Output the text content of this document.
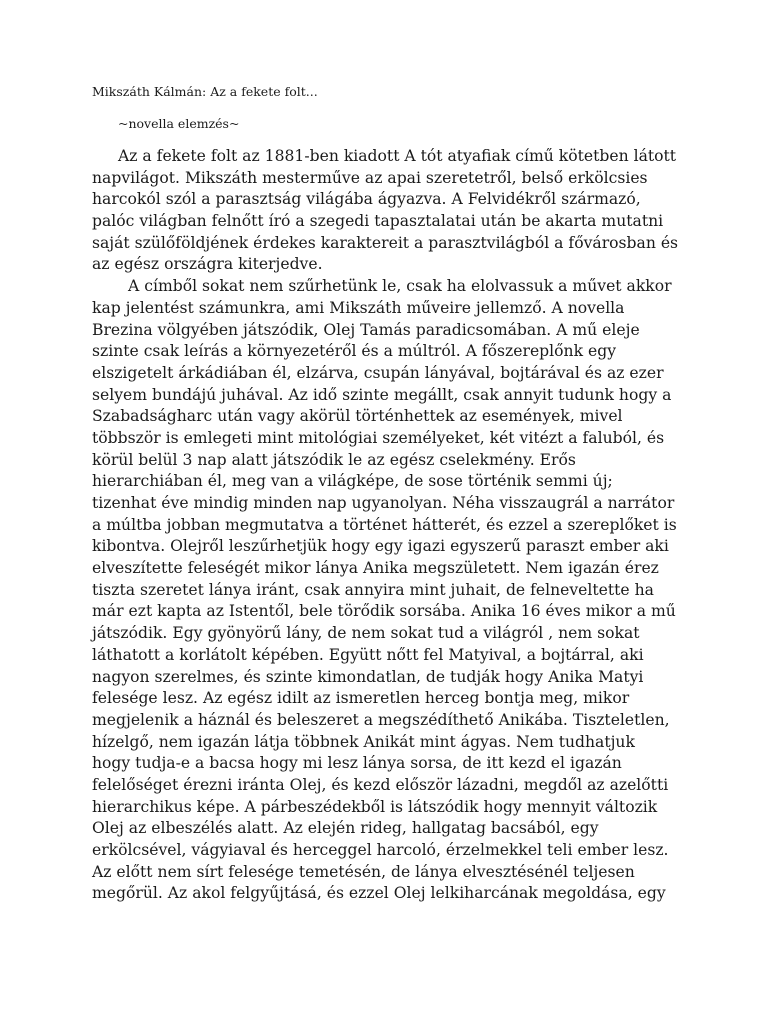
Mikszáth Kálmán: Az a fekete folt...
~novella elemzés~
Az a fekete folt az 1881-ben kiadott A tót atyafiak című kötetben látott
napvilágot. Mikszáth mesterműve az apai szeretetről, belső erkölcsies
harcokól szól a parasztság világába ágyazva. A Felvidékről származó,
palóc világban felnőtt író a szegedi tapasztalatai után be akarta mutatni
saját szülőföldjének érdekes karaktereit a parasztvilágból a fővárosban és
az egész országra kiterjedve.
A címből sokat nem szűrhetünk le, csak ha elolvassuk a művet akkor
kap jelentést számunkra, ami Mikszáth műveire jellemző. A novella
Brezina völgyében játszódik, Olej Tamás paradicsomában. A mű eleje
szinte csak leírás a környezetéről és a múltról. A főszereplőnk egy
elszigetelt árkádiában él, elzárva, csupán lányával, bojtárával és az ezer
selyem bundájú juhával. Az idő szinte megállt, csak annyit tudunk hogy a
Szabadságharc után vagy akörül történhettek az események, mivel
többször is emlegeti mint mitológiai személyeket, két vitézt a faluból, és
körül belül 3 nap alatt játszódik le az egész cselekmény. Erős
hierarchiában él, meg van a világképe, de sose történik semmi új;
tizenhat éve mindig minden nap ugyanolyan. Néha visszaugrál a narrátor
a múltba jobban megmutatva a történet hátterét, és ezzel a szereplőket is
kibontva. Olejről leszűrhetjük hogy egy igazi egyszerű paraszt ember aki
elveszítette feleségét mikor lánya Anika megszületett. Nem igazán érez
tiszta szeretet lánya iránt, csak annyira mint juhait, de felneveltette ha
már ezt kapta az Istentől, bele törődik sorsába. Anika 16 éves mikor a mű
játszódik. Egy gyönyörű lány, de nem sokat tud a világról , nem sokat
láthatott a korlátolt képében. Együtt nőtt fel Matyival, a bojtárral, aki
nagyon szerelmes, és szinte kimondatlan, de tudják hogy Anika Matyi
felesége lesz. Az egész idilt az ismeretlen herceg bontja meg, mikor
megjelenik a háznál és beleszeret a megszédíthető Anikába. Tiszteletlen,
hízelgő, nem igazán látja többnek Anikát mint ágyas. Nem tudhatjuk
hogy tudja-e a bacsa hogy mi lesz lánya sorsa, de itt kezd el igazán
felelőséget érezni iránta Olej, és kezd először lázadni, megdől az azelőtti
hierarchikus képe. A párbeszédekből is látszódik hogy mennyit változik
Olej az elbeszélés alatt. Az elején rideg, hallgatag bacsából, egy
erkölcsével, vágyiaval és herceggel harcoló, érzelmekkel teli ember lesz.
Az előtt nem sírt felesége temetésén, de lánya elvesztésénél teljesen
megőrül. Az akol felgyűjtásá, és ezzel Olej lelkiharcának megoldása, egy
